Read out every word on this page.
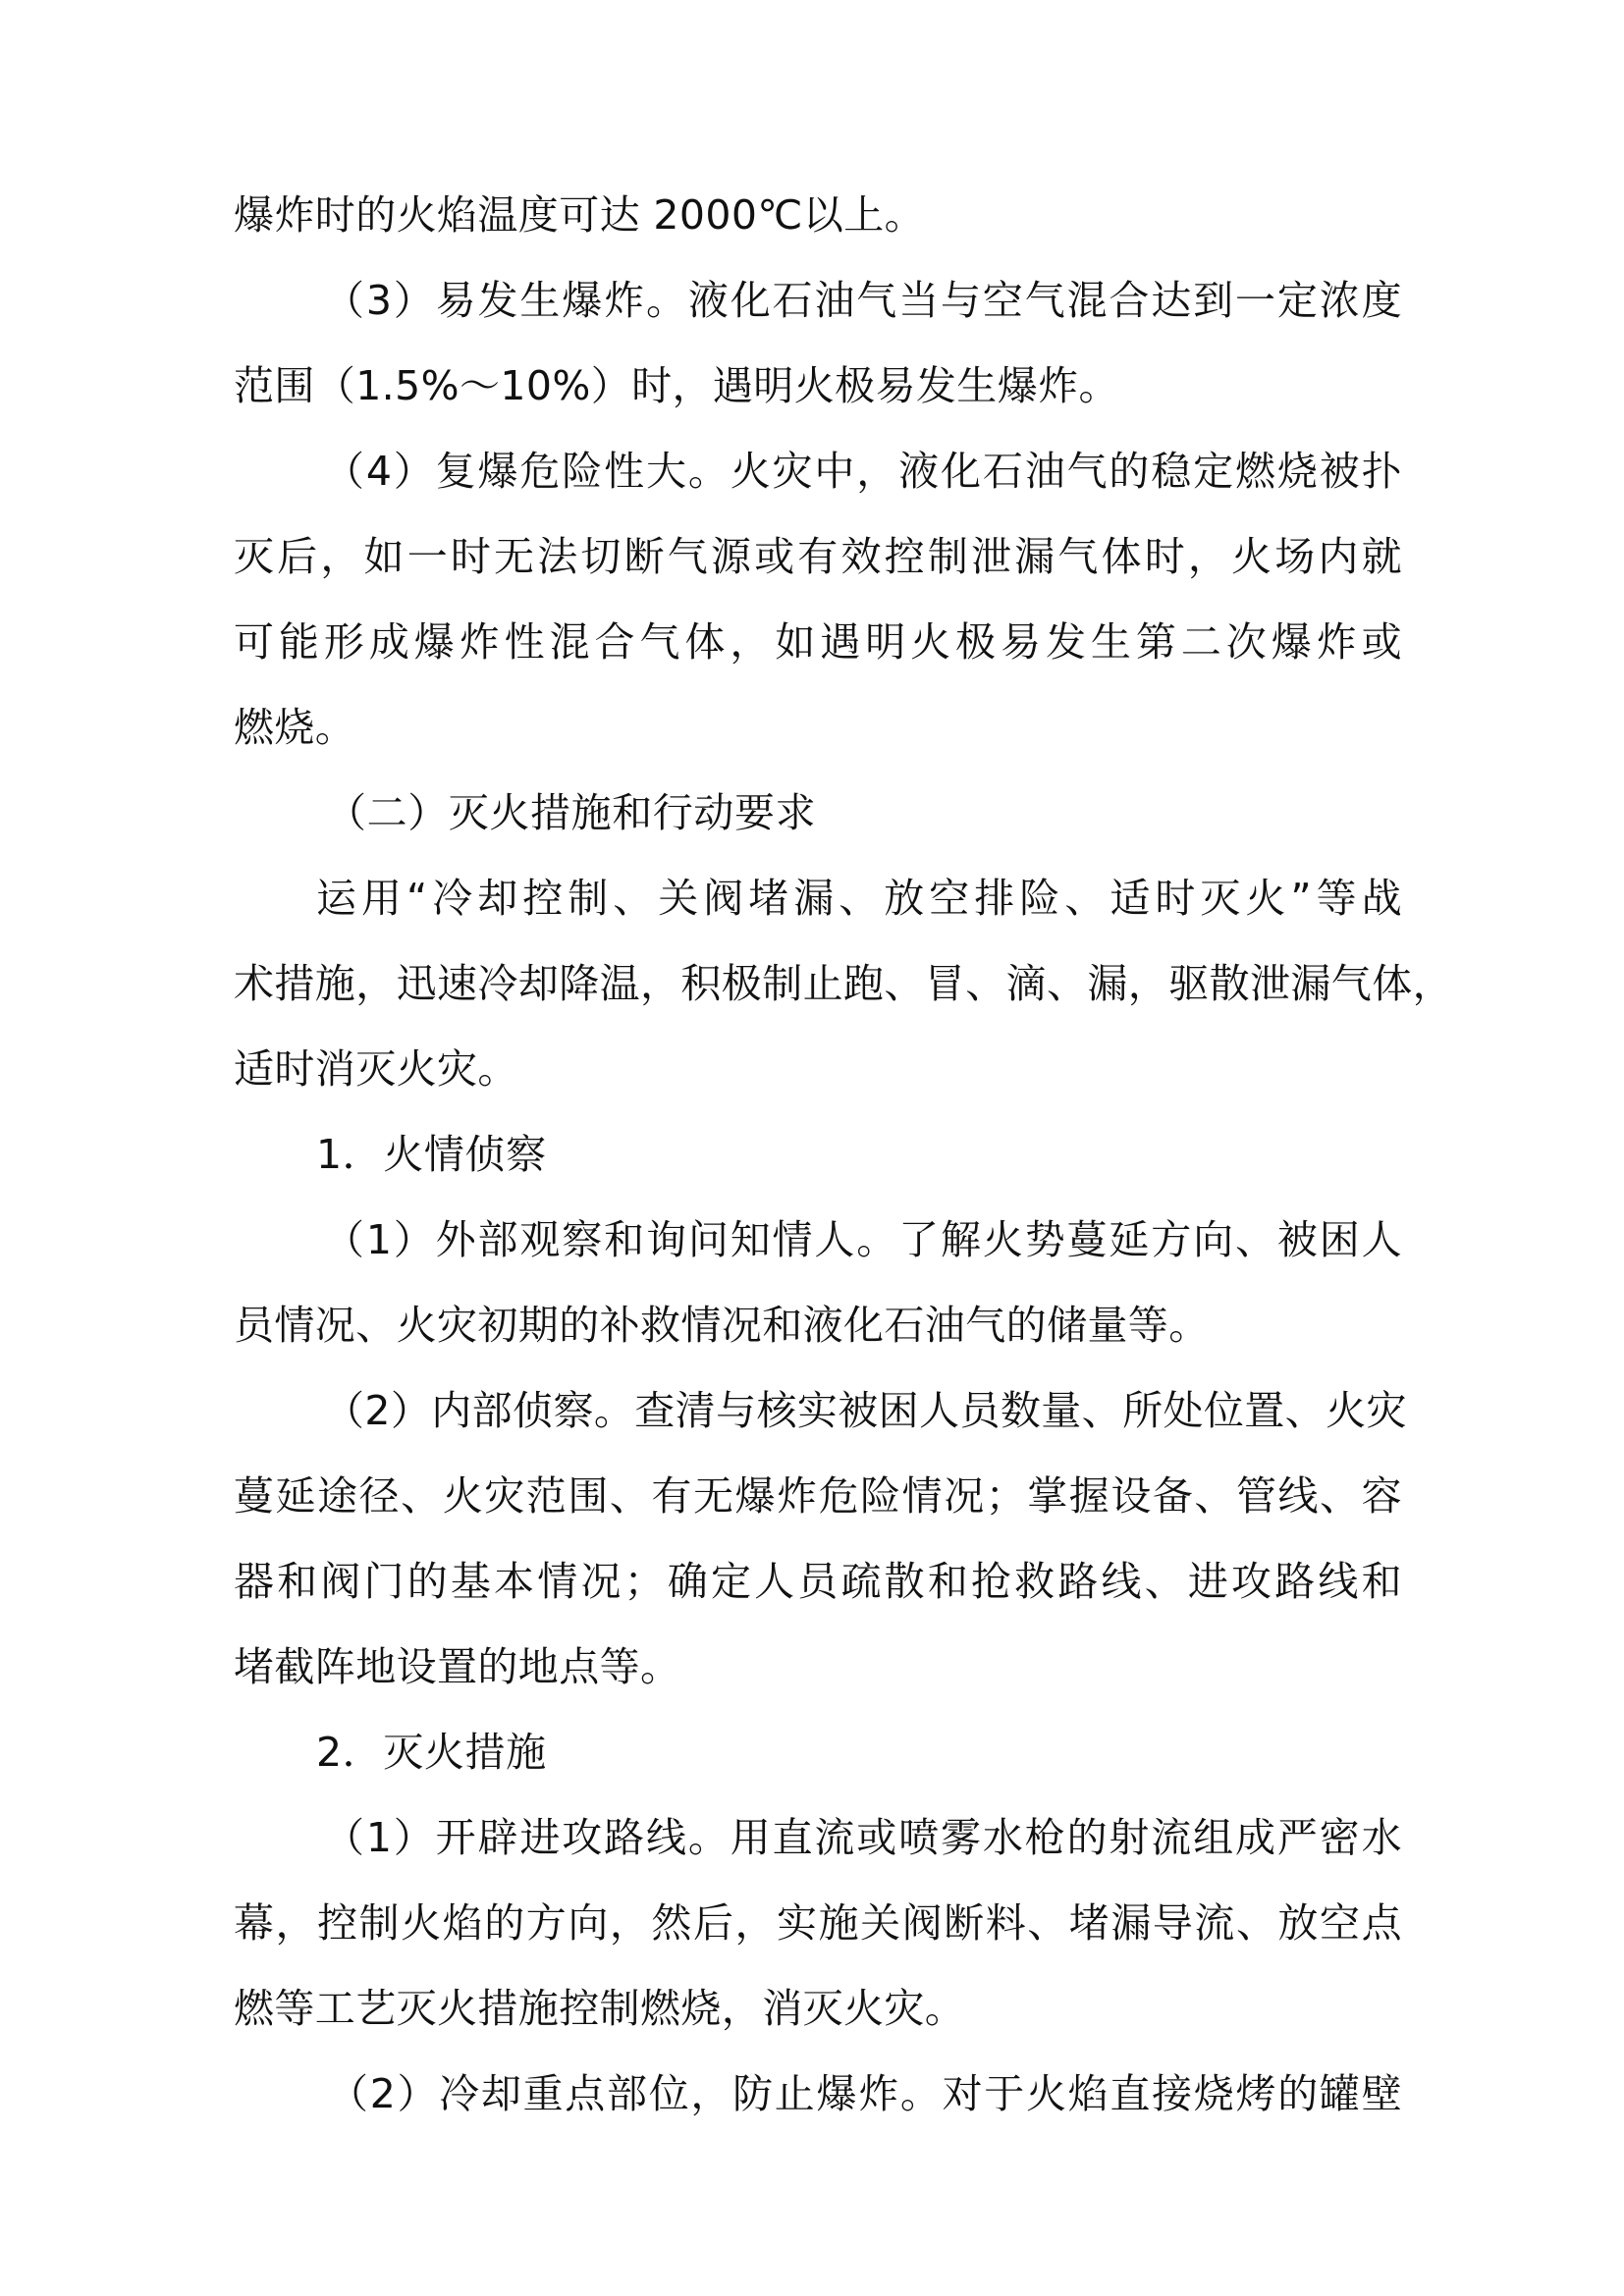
爆炸时的火焰温度可达 2000℃以上。
（3）易发生爆炸。液化石油气当与空气混合达到一定浓度
范围（1.5%～10%）时，遇明火极易发生爆炸。
（4）复爆危险性大。火灾中，液化石油气的稳定燃烧被扑
灭后，如一时无法切断气源或有效控制泄漏气体时，火场内就
可能形成爆炸性混合气体，如遇明火极易发生第二次爆炸或
燃烧。
（二）灭火措施和行动要求
运用“冷却控制、关阀堵漏、放空排险、适时灭火”等战
术措施，迅速冷却降温，积极制止跑、冒、滴、漏，驱散泄漏气体，
适时消灭火灾。
1．火情侦察
（1）外部观察和询问知情人。了解火势蔓延方向、被困人
员情况、火灾初期的补救情况和液化石油气的储量等。
（2）内部侦察。查清与核实被困人员数量、所处位置、火灾
蔓延途径、火灾范围、有无爆炸危险情况；掌握设备、管线、容
器和阀门的基本情况；确定人员疏散和抢救路线、进攻路线和
堵截阵地设置的地点等。
2．灭火措施
（1）开辟进攻路线。用直流或喷雾水枪的射流组成严密水
幕，控制火焰的方向，然后，实施关阀断料、堵漏导流、放空点
燃等工艺灭火措施控制燃烧，消灭火灾。
（2）冷却重点部位，防止爆炸。对于火焰直接烧烤的罐壁
